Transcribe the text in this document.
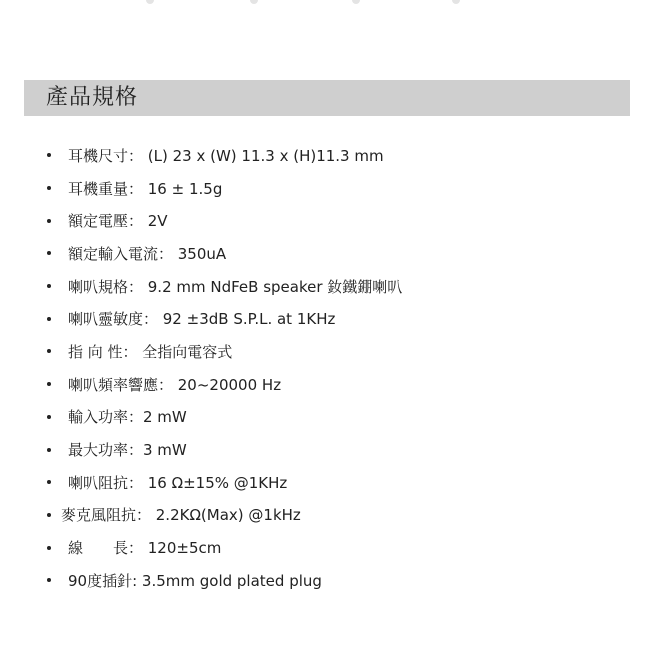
產品規格
耳機尺寸： (L) 23 x (W) 11.3 x (H)11.3 mm
耳機重量： 16 ± 1.5g
額定電壓： 2V
額定輸入電流： 350uA
喇叭規格： 9.2 mm NdFeB speaker 釹鐵錋喇叭
喇叭靈敏度： 92 ±3dB S.P.L. at 1KHz
指 向 性： 全指向電容式
喇叭頻率響應： 20~20000 Hz
輸入功率：2 mW
最大功率：3 mW
喇叭阻抗： 16 Ω±15% @1KHz
麥克風阻抗： 2.2KΩ(Max) @1kHz
線　　長： 120±5cm
90度插針: 3.5mm gold plated plug
